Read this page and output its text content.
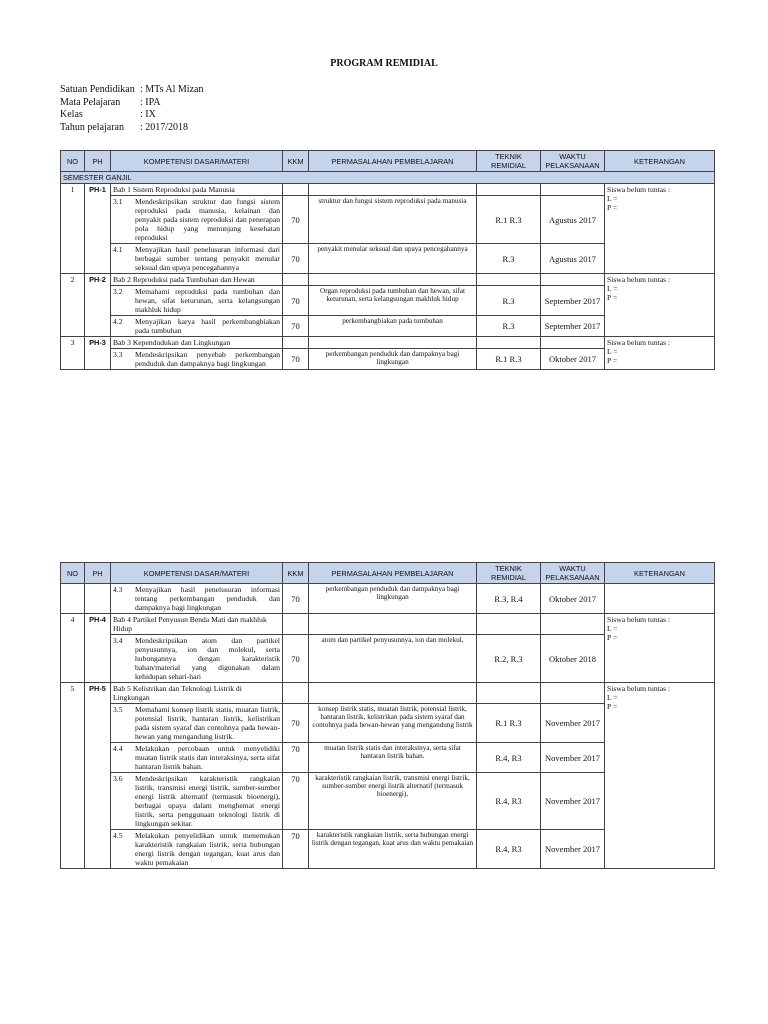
PROGRAM REMIDIAL
Satuan Pendidikan : MTs Al Mizan
Mata Pelajaran	: IPA
Kelas	: IX
Tahun pelajaran	: 2017/2018
NO	PH	KOMPETENSI DASAR/MATERI	KKM	PERMASALAHAN PEMBELAJARAN	TEKNIK REMIDIAL	WAKTU PELAKSANAAN	KETERANGAN
SEMESTER GANJIL							
1	PH-1	Bab 1 Sistem Reproduksi pada Manusia					Siswa belum tuntas :
L =
P =

		3.1 Mendeskripsikan struktur dan fungsi sistem reproduksi pada manusia, kelainan dan penyakit pada sistem reproduksi dan penerapan pola hidup yang menunjang kesehatan reproduksi	70	struktur dan fungsi sistem reproduksi pada manusia	R.1 R.3	Agustus 2017	

		4.1 Menyajikan hasil penelusuran informasi dari berbagai sumber tentang penyakit menular seksual dan upaya pencegahannya	70	penyakit menular seksual dan upaya pencegahannya	R.3	Agustus 2017	
2	PH-2	Bab 2 Reproduksi pada Tumbuhan dan Hewan					Siswa belum tuntas :
L =
P =

		3.2 Memahami reproduksi pada tumbuhan dan hewan, sifat keturunan, serta kelangsungan makhluk hidup	70	Organ reproduksi pada tumbuhan dan hewan, sifat keturunan, serta kelangsungan makhluk hidup	R.3	September 2017	

		4.2 Menyajikan karya hasil perkembangbiakan pada tumbuhan	70	perkembangbiakan pada tumbuhan	R.3	September 2017	
3	PH-3	Bab 3 Kependudukan dan Lingkungan					Siswa belum tuntas :
L =
P =

		3.3 Mendeskripsikan penyebab perkembangan penduduk dan dampaknya bagi lingkungan	70	perkembangan penduduk dan dampaknya bagi lingkungan	R.1 R.3	Oktober 2017	
NO	PH	KOMPETENSI DASAR/MATERI	KKM	PERMASALAHAN PEMBELAJARAN	TEKNIK REMIDIAL	WAKTU PELAKSANAAN	KETERANGAN

		4.3 Menyajikan hasil penelusuran informasi tentang perkembangan penduduk dan dampaknya bagi lingkungan	70	perkembangan penduduk dan dampaknya bagi lingkungan	R.3, R.4	Oktober 2017	
4	PH-4	Bab 4 Partikel Penyusun Benda Mati dan makhluk Hidup					Siswa belum tuntas :
L =
P =

		3.4 Mendeskripsikan atom dan partikel penyusunnya, ion dan molekul, serta hubungannya dengan karakteristik bahan/material yang digunakan dalam kehidupan sehari-hari	70	atom dan partikel penyusunnya, ion dan molekul,	R.2, R.3	Oktober 2018	
5	PH-5	Bab 5 Kelistrikan dan Teknologi Listrik di Lingkungan					Siswa belum tuntas :
L =
P =

		3.5 Memahami konsep listrik statis, muatan listrik, potensial listrik, hantaran listrik, kelistrikan pada sistem syaraf dan contohnya pada hewan-hewan yang mengandung listrik.	70	konsep listrik statis, muatan listrik, potensial listrik, hantaran listrik, kelistrikan pada sistem syaraf dan contohnya pada hewan-hewan yang mengandung listrik	R.1 R.3	November 2017	

		4.4 Melakukan percobaan untuk menyelidiki muatan listrik statis dan interaksinya, serta sifat hantaran listrik bahan.	70	muatan listrik statis dan interaksinya, serta sifat hantaran listrik bahan.	R.4, R3	November 2017	

		3.6 Mendeskripsikan karakteristik rangkaian listrik, transmisi energi listrik, sumber-sumber energi listrik alternatif (termasuk bioenergi), berbagai upaya dalam menghemat energi listrik, serta penggunaan teknologi listrik di lingkungan sekitar.	70	karakteristik rangkaian listrik, transmisi energi listrik, sumber-sumber energi listrik alternatif (termasuk bioenergi),	R.4, R3	November 2017	

		4.5 Melakukan penyelidikan untuk menemukan karakteristik rangkaian listrik, serta hubungan energi listrik dengan tegangan, kuat arus dan waktu pemakaian	70	karakteristik rangkaian listrik, serta hubungan energi listrik dengan tegangan, kuat arus dan waktu pemakaian	R.4, R3	November 2017	
